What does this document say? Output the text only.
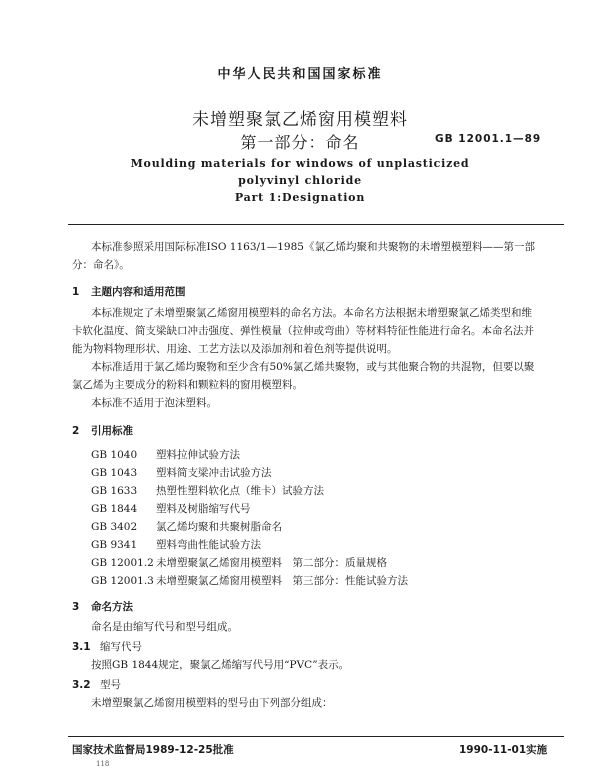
中华人民共和国国家标准
未增塑聚氯乙烯窗用模塑料
第一部分：命名	GB 12001.1—89
Moulding materials for windows of unplasticized
polyvinyl chloride
Part 1:Designation
本标准参照采用国际标准ISO 1163/1—1985《氯乙烯均聚和共聚物的未增塑模塑料——第一部
分：命名》。
1 主题内容和适用范围
本标准规定了未增塑聚氯乙烯窗用模塑料的命名方法。本命名方法根据未增塑聚氯乙烯类型和维
卡软化温度、简支梁缺口冲击强度、弹性模量（拉伸或弯曲）等材料特征性能进行命名。本命名法并
能为物料物理形状、用途、工艺方法以及添加剂和着色剂等提供说明。
本标准适用于氯乙烯均聚物和至少含有50%氯乙烯共聚物，或与其他聚合物的共混物，但要以聚
氯乙烯为主要成分的粉料和颗粒料的窗用模塑料。
本标准不适用于泡沫塑料。
2 引用标准
GB 1040 塑料拉伸试验方法
GB 1043 塑料简支梁冲击试验方法
GB 1633 热塑性塑料软化点（维卡）试验方法
GB 1844 塑料及树脂缩写代号
GB 3402 氯乙烯均聚和共聚树脂命名
GB 9341 塑料弯曲性能试验方法
GB 12001.2 未增塑聚氯乙烯窗用模塑料　第二部分：质量规格
GB 12001.3 未增塑聚氯乙烯窗用模塑料　第三部分：性能试验方法
3 命名方法
命名是由缩写代号和型号组成。
3.1 缩写代号
按照GB 1844规定，聚氯乙烯缩写代号用“PVC”表示。
3.2 型号
未增塑聚氯乙烯窗用模塑料的型号由下列部分组成：
国家技术监督局1989-12-25批准	1990-11-01实施
118
